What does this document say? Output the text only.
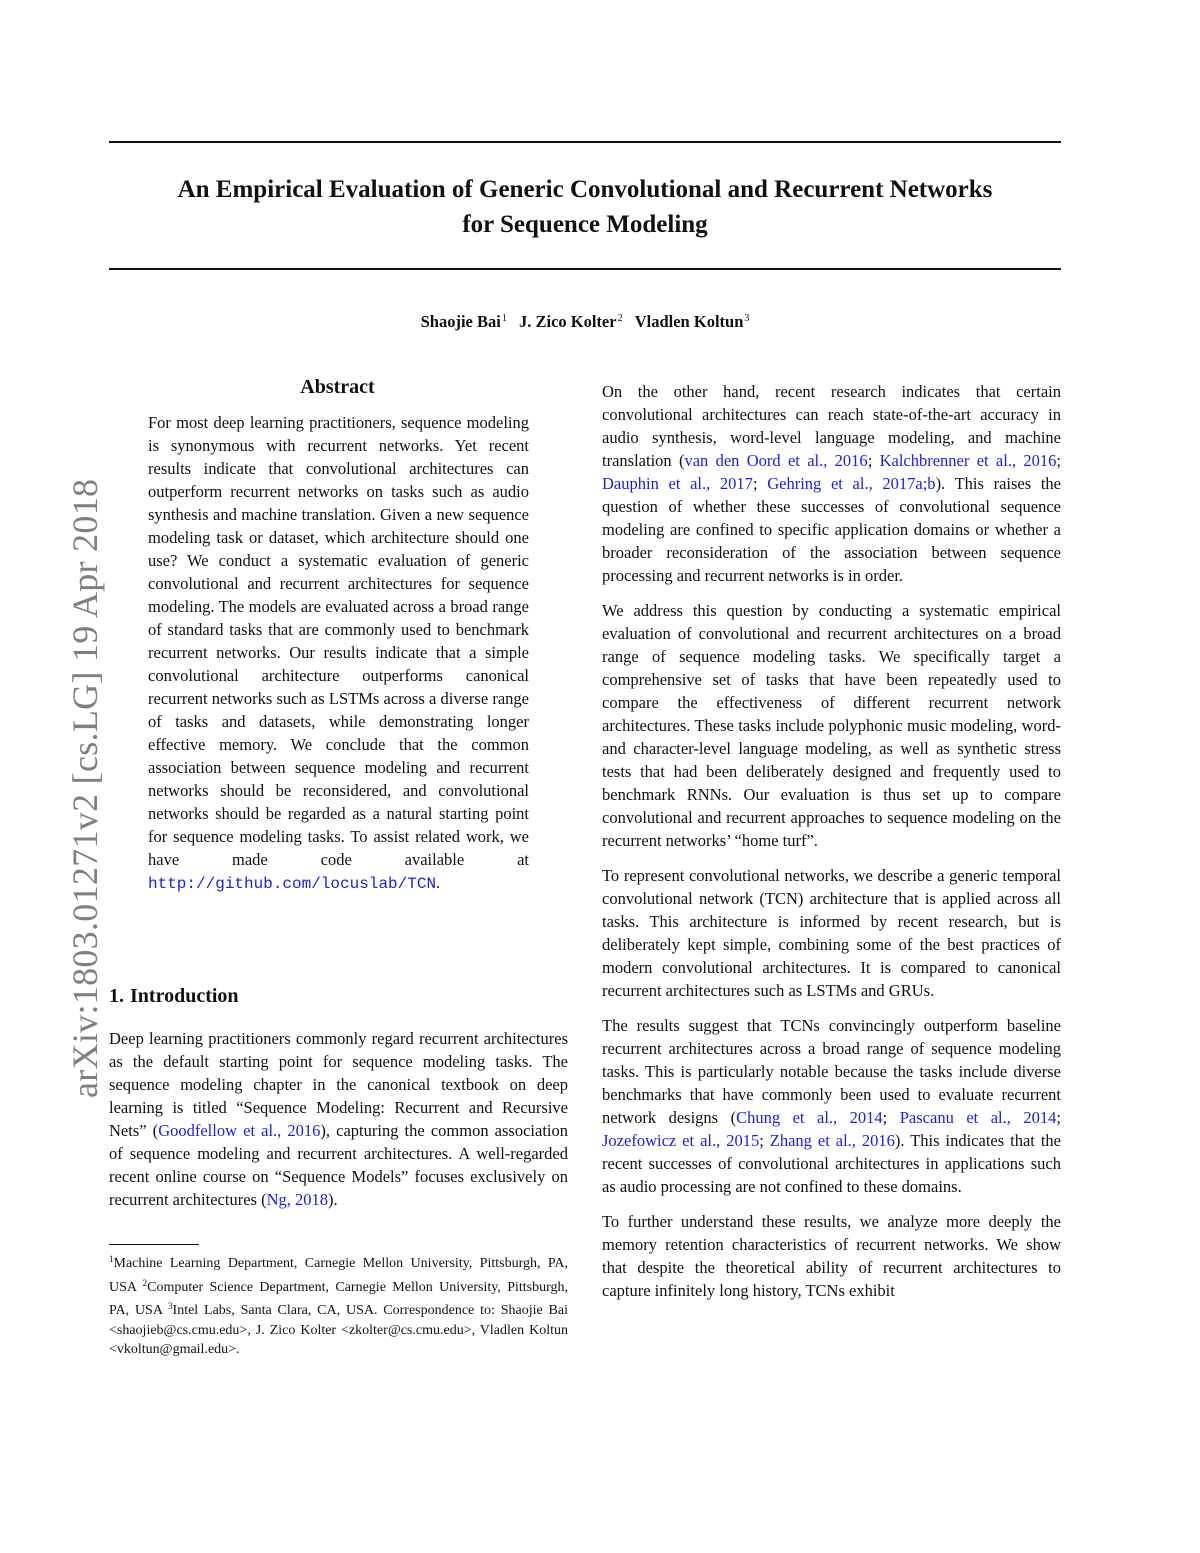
arXiv:1803.01271v2 [cs.LG] 19 Apr 2018
An Empirical Evaluation of Generic Convolutional and Recurrent Networks
for Sequence Modeling
Shaojie Bai$^1$ J. Zico Kolter$^2$ Vladlen Koltun$^3$
Abstract
For most deep learning practitioners, sequence modeling is synonymous with recurrent networks. Yet recent results indicate that convolutional architectures can outperform recurrent networks on tasks such as audio synthesis and machine translation. Given a new sequence modeling task or dataset, which architecture should one use? We conduct a systematic evaluation of generic convolutional and recurrent architectures for sequence modeling. The models are evaluated across a broad range of standard tasks that are commonly used to benchmark recurrent networks. Our results indicate that a simple convolutional architecture outperforms canonical recurrent networks such as LSTMs across a diverse range of tasks and datasets, while demonstrating longer effective memory. We conclude that the common association between sequence modeling and recurrent networks should be reconsidered, and convolutional networks should be regarded as a natural starting point for sequence modeling tasks. To assist related work, we have made code available at http://github.com/locuslab/TCN.
1. Introduction
Deep learning practitioners commonly regard recurrent architectures as the default starting point for sequence modeling tasks. The sequence modeling chapter in the canonical textbook on deep learning is titled “Sequence Modeling: Recurrent and Recursive Nets” (Goodfellow et al., 2016), capturing the common association of sequence modeling and recurrent architectures. A well-regarded recent online course on “Sequence Models” focuses exclusively on recurrent architectures (Ng, 2018).
$^1$Machine Learning Department, Carnegie Mellon University, Pittsburgh, PA, USA $^2$Computer Science Department, Carnegie Mellon University, Pittsburgh, PA, USA $^3$Intel Labs, Santa Clara, CA, USA. Correspondence to: Shaojie Bai <shaojieb@cs.cmu.edu>, J. Zico Kolter <zkolter@cs.cmu.edu>, Vladlen Koltun <vkoltun@gmail.edu>.

On the other hand, recent research indicates that certain convolutional architectures can reach state-of-the-art accuracy in audio synthesis, word-level language modeling, and machine translation (van den Oord et al., 2016; Kalchbrenner et al., 2016; Dauphin et al., 2017; Gehring et al., 2017a;b). This raises the question of whether these successes of convolutional sequence modeling are confined to specific application domains or whether a broader reconsideration of the association between sequence processing and recurrent networks is in order.

We address this question by conducting a systematic empirical evaluation of convolutional and recurrent architectures on a broad range of sequence modeling tasks. We specifically target a comprehensive set of tasks that have been repeatedly used to compare the effectiveness of different recurrent network architectures. These tasks include polyphonic music modeling, word- and character-level language modeling, as well as synthetic stress tests that had been deliberately designed and frequently used to benchmark RNNs. Our evaluation is thus set up to compare convolutional and recurrent approaches to sequence modeling on the recurrent networks’ “home turf”.

To represent convolutional networks, we describe a generic temporal convolutional network (TCN) architecture that is applied across all tasks. This architecture is informed by recent research, but is deliberately kept simple, combining some of the best practices of modern convolutional architectures. It is compared to canonical recurrent architectures such as LSTMs and GRUs.

The results suggest that TCNs convincingly outperform baseline recurrent architectures across a broad range of sequence modeling tasks. This is particularly notable because the tasks include diverse benchmarks that have commonly been used to evaluate recurrent network designs (Chung et al., 2014; Pascanu et al., 2014; Jozefowicz et al., 2015; Zhang et al., 2016). This indicates that the recent successes of convolutional architectures in applications such as audio processing are not confined to these domains.

To further understand these results, we analyze more deeply the memory retention characteristics of recurrent networks. We show that despite the theoretical ability of recurrent architectures to capture infinitely long history, TCNs exhibit
